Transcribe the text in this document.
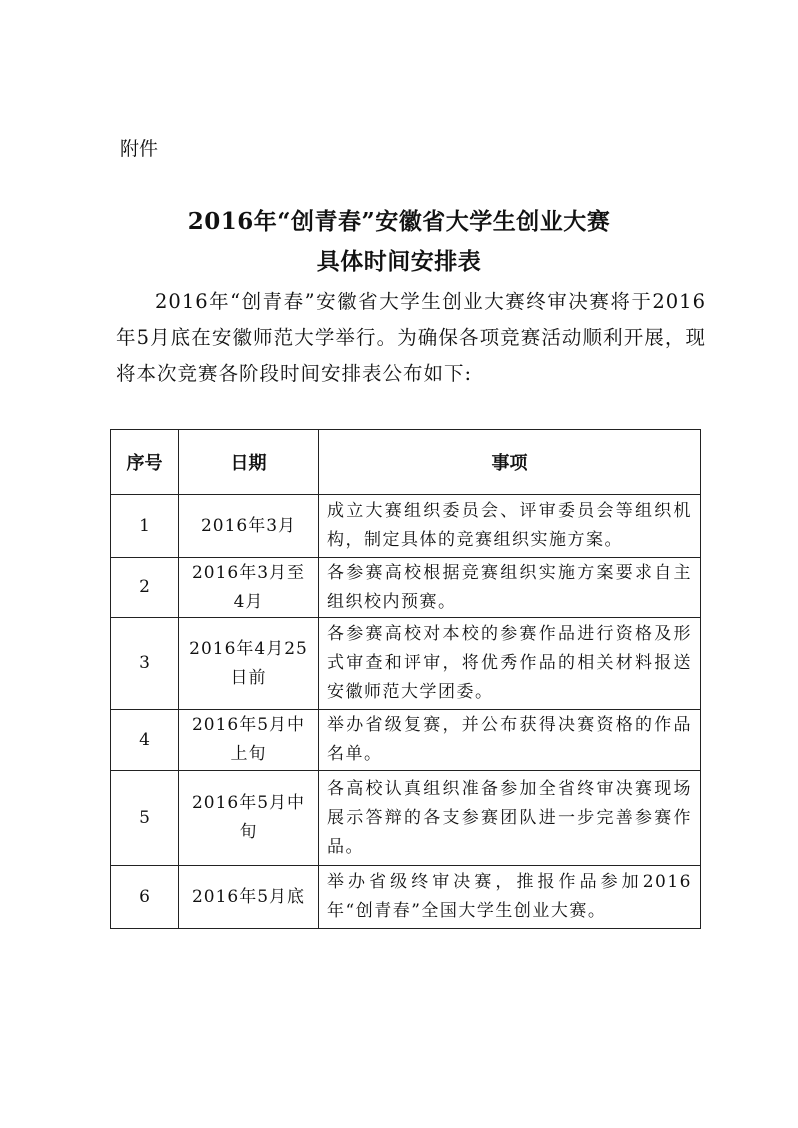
附件
2016年“创青春”安徽省大学生创业大赛
具体时间安排表
2016年“创青春”安徽省大学生创业大赛终审决赛将于2016年5月底在安徽师范大学举行。为确保各项竞赛活动顺利开展，现将本次竞赛各阶段时间安排表公布如下:
序号	日期	事项
1	2016年3月	成立大赛组织委员会、评审委员会等组织机构，制定具体的竞赛组织实施方案。
2	2016年3月至4月	各参赛高校根据竞赛组织实施方案要求自主组织校内预赛。
3	2016年4月25日前	各参赛高校对本校的参赛作品进行资格及形式审查和评审，将优秀作品的相关材料报送安徽师范大学团委。
4	2016年5月中上旬	举办省级复赛，并公布获得决赛资格的作品名单。
5	2016年5月中旬	各高校认真组织准备参加全省终审决赛现场展示答辩的各支参赛团队进一步完善参赛作品。
6	2016年5月底	举办省级终审决赛，推报作品参加2016年“创青春”全国大学生创业大赛。
